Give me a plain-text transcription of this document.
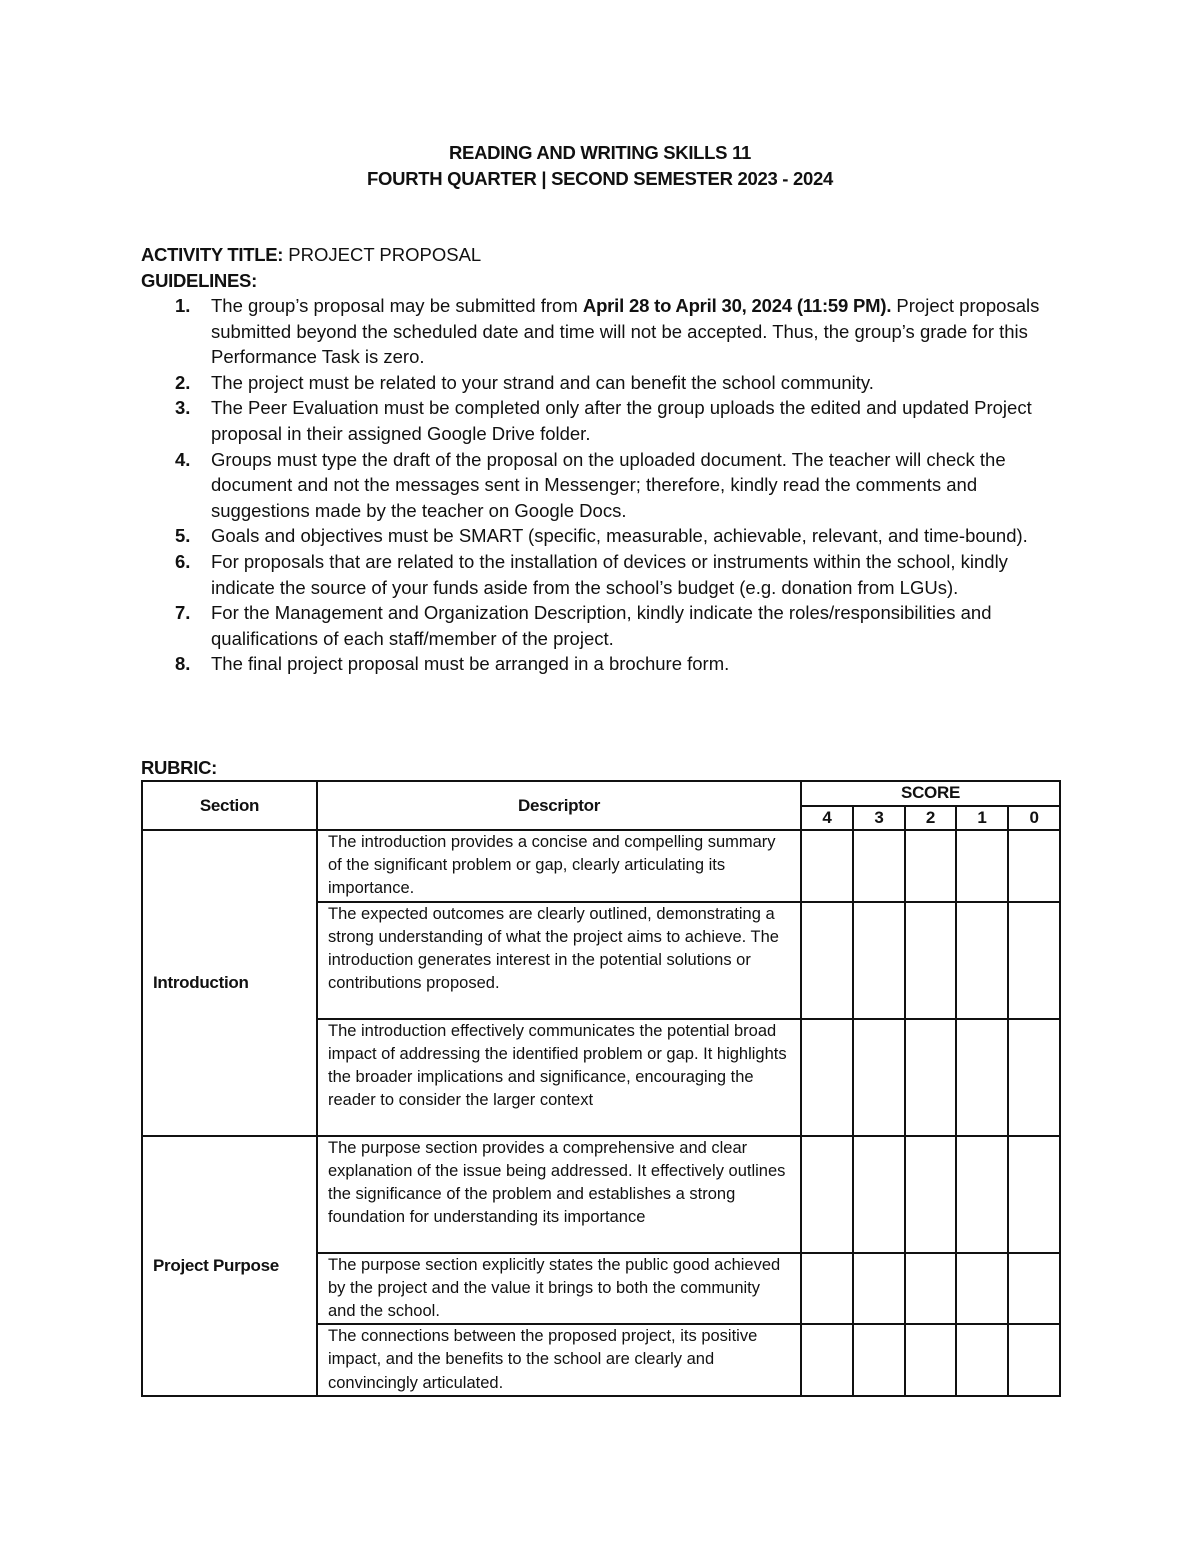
READING AND WRITING SKILLS 11
FOURTH QUARTER | SECOND SEMESTER 2023 - 2024
ACTIVITY TITLE: PROJECT PROPOSAL
GUIDELINES:
1. The group’s proposal may be submitted from April 28 to April 30, 2024 (11:59 PM). Project proposals submitted beyond the scheduled date and time will not be accepted. Thus, the group’s grade for this Performance Task is zero.
2. The project must be related to your strand and can benefit the school community.
3. The Peer Evaluation must be completed only after the group uploads the edited and updated Project proposal in their assigned Google Drive folder.
4. Groups must type the draft of the proposal on the uploaded document. The teacher will check the document and not the messages sent in Messenger; therefore, kindly read the comments and suggestions made by the teacher on Google Docs.
5. Goals and objectives must be SMART (specific, measurable, achievable, relevant, and time-bound).
6. For proposals that are related to the installation of devices or instruments within the school, kindly indicate the source of your funds aside from the school’s budget (e.g. donation from LGUs).
7. For the Management and Organization Description, kindly indicate the roles/responsibilities and qualifications of each staff/member of the project.
8. The final project proposal must be arranged in a brochure form.
RUBRIC:
Section	Descriptor	SCORE				
		4	3	2	1	0
Introduction	The introduction provides a concise and compelling summary of the significant problem or gap, clearly articulating its importance.					
	The expected outcomes are clearly outlined, demonstrating a strong understanding of what the project aims to achieve. The introduction generates interest in the potential solutions or contributions proposed.					
	The introduction effectively communicates the potential broad impact of addressing the identified problem or gap. It highlights the broader implications and significance, encouraging the reader to consider the larger context					
Project Purpose	The purpose section provides a comprehensive and clear explanation of the issue being addressed. It effectively outlines the significance of the problem and establishes a strong foundation for understanding its importance					
	The purpose section explicitly states the public good achieved by the project and the value it brings to both the community and the school.					
	The connections between the proposed project, its positive impact, and the benefits to the school are clearly and convincingly articulated.					
